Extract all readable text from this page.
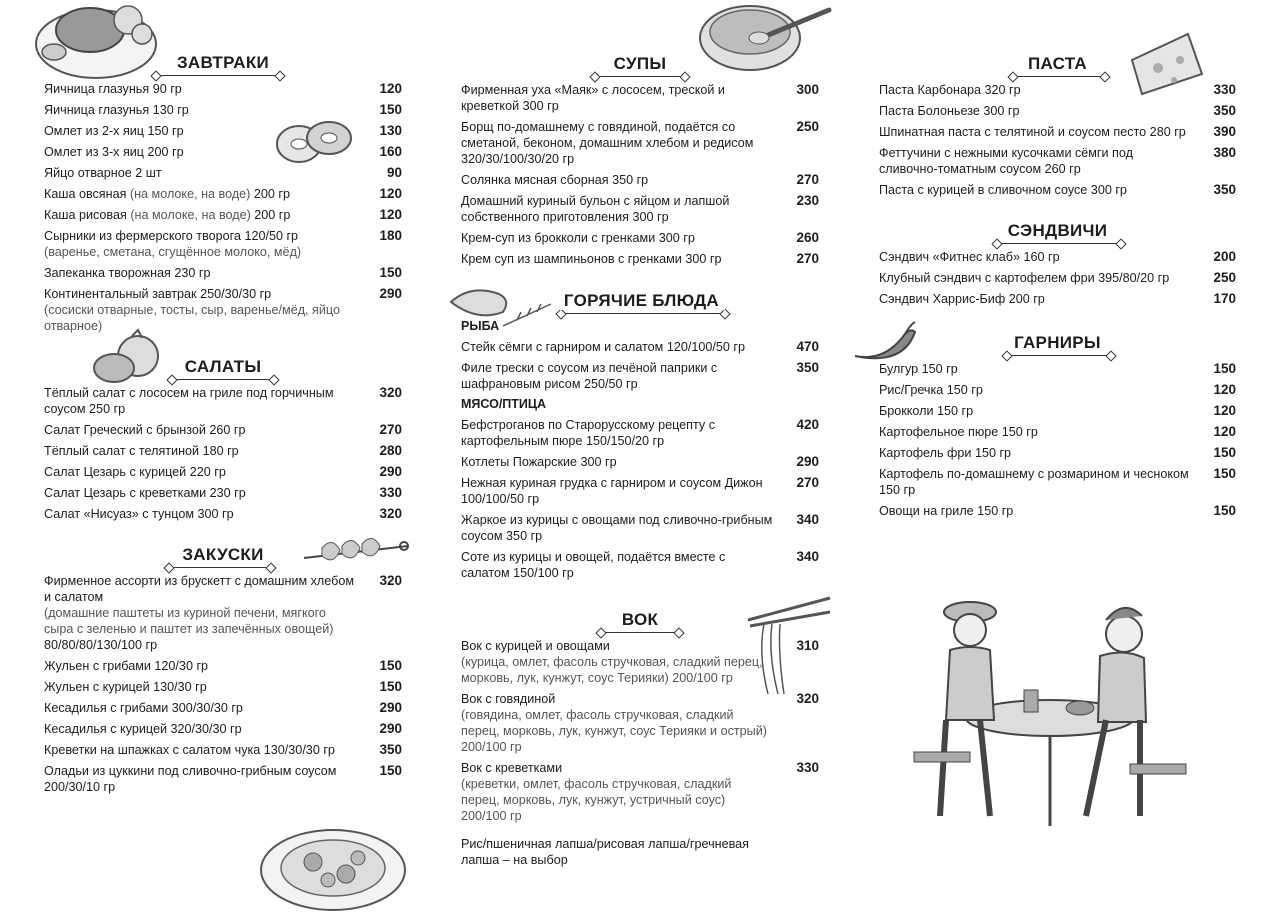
ЗАВТРАКИ
Яичница глазунья 90 гр	120
Яичница глазунья 130 гр	150
Омлет из 2-х яиц 150 гр	130
Омлет из 3-х яиц 200 гр	160
Яйцо отварное 2 шт	90
Каша овсяная (на молоке, на воде) 200 гр	120
Каша рисовая (на молоке, на воде) 200 гр	120
Сырники из фермерского творога 120/50 гр
(варенье, сметана, сгущённое молоко, мёд)
180
Запеканка творожная 230 гр	150
Континентальный завтрак 250/30/30 гр
(сосиски отварные, тосты, сыр, варенье/мёд, яйцо отварное)
290
САЛАТЫ
Тёплый салат с лососем на гриле под горчичным соусом 250 гр
320
Салат Греческий с брынзой 260 гр	270
Тёплый салат с телятиной 180 гр	280
Салат Цезарь с курицей 220 гр	290
Салат Цезарь с креветками 230 гр	330
Салат «Нисуаз» с тунцом 300 гр	320
ЗАКУСКИ
Фирменное ассорти из брускетт с домашним хлебом и салатом
(домашние паштеты из куриной печени, мягкого сыра с зеленью и паштет из запечённых овощей)
80/80/80/130/100 гр
320
Жульен с грибами 120/30 гр	150
Жульен с курицей 130/30 гр	150
Кесадилья с грибами 300/30/30 гр	290
Кесадилья с курицей 320/30/30 гр	290
Креветки на шпажках с салатом чука 130/30/30 гр	350
Оладьи из цуккини под сливочно-грибным соусом 200/30/10 гр
150
СУПЫ
Фирменная уха «Маяк» с лососем, треской и креветкой 300 гр
300
Борщ по-домашнему с говядиной, подаётся со сметаной, беконом, домашним хлебом и редисом 320/30/100/30/20 гр
250
Солянка мясная сборная 350 гр	270
Домашний куриный бульон с яйцом и лапшой собственного приготовления 300 гр
230
Крем-суп из брокколи с гренками 300 гр	260
Крем суп из шампиньонов с гренками 300 гр	270
ГОРЯЧИЕ БЛЮДА
РЫБА
Стейк сёмги с гарниром и салатом 120/100/50 гр	470
Филе трески с соусом из печёной паприки с шафрановым рисом 250/50 гр
350
МЯСО/ПТИЦА
Бефстроганов по Старорусскому рецепту с картофельным пюре 150/150/20 гр
420
Котлеты Пожарские 300 гр	290
Нежная куриная грудка с гарниром и соусом Дижон 100/100/50 гр
270
Жаркое из курицы с овощами под сливочно-грибным соусом 350 гр
340
Соте из курицы и овощей, подаётся вместе с салатом 150/100 гр
340
ВОК
Вок с курицей и овощами
(курица, омлет, фасоль стручковая, сладкий перец, морковь, лук, кунжут, соус Терияки) 200/100 гр
310
Вок с говядиной
(говядина, омлет, фасоль стручковая, сладкий перец, морковь, лук, кунжут, соус Терияки и острый) 200/100 гр
320
Вок с креветками
(креветки, омлет, фасоль стручковая, сладкий перец, морковь, лук, кунжут, устричный соус) 200/100 гр
330
Рис/пшеничная лапша/рисовая лапша/гречневая лапша – на выбор
ПАСТА
Паста Карбонара 320 гр	330
Паста Болоньезе 300 гр	350
Шпинатная паста с телятиной и соусом песто 280 гр	390
Феттучини с нежными кусочками сёмги под сливочно-томатным соусом 260 гр
380
Паста с курицей в сливочном соусе 300 гр	350
СЭНДВИЧИ
Сэндвич «Фитнес клаб» 160 гр	200
Клубный сэндвич с картофелем фри 395/80/20 гр	250
Сэндвич Харрис-Биф 200 гр	170
ГАРНИРЫ
Булгур 150 гр	150
Рис/Гречка 150 гр	120
Брокколи 150 гр	120
Картофельное пюре 150 гр	120
Картофель фри 150 гр	150
Картофель по-домашнему с розмарином и чесноком 150 гр
150
Овощи на гриле 150 гр	150
